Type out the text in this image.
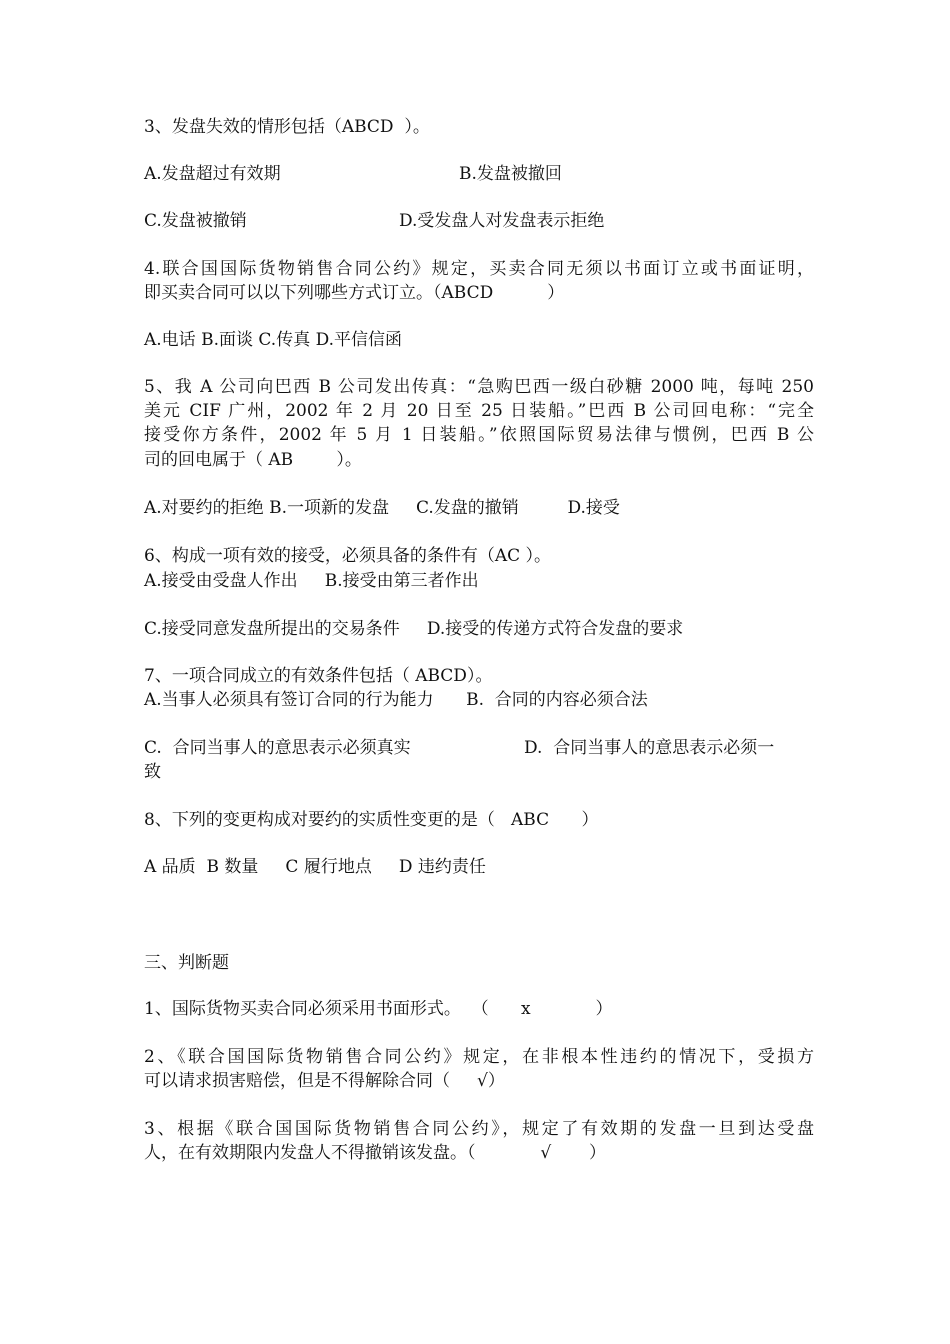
3、发盘失效的情形包括（ABCD  ）。
A.发盘超过有效期	B.发盘被撤回
C.发盘被撤销	D.受发盘人对发盘表示拒绝
4.联合国国际货物销售合同公约》规定，买卖合同无须以书面订立或书面证明，
即买卖合同可以以下列哪些方式订立。（ABCD          ）
A.电话 B.面谈 C.传真 D.平信信函
5、我 A 公司向巴西 B 公司发出传真：“急购巴西一级白砂糖 2000 吨，每吨 250
美元 CIF 广州，2002 年 2 月 20 日至 25 日装船。”巴西 B 公司回电称：“完全
接受你方条件，2002 年 5 月 1 日装船。”依照国际贸易法律与惯例，巴西 B 公
司的回电属于（ AB        ）。
A.对要约的拒绝 B.一项新的发盘     C.发盘的撤销         D.接受
6、构成一项有效的接受，必须具备的条件有（AC ）。
A.接受由受盘人作出     B.接受由第三者作出
C.接受同意发盘所提出的交易条件     D.接受的传递方式符合发盘的要求
7、一项合同成立的有效条件包括（ ABCD）。
A.当事人必须具有签订合同的行为能力      B.  合同的内容必须合法
C.  合同当事人的意思表示必须真实	D.  合同当事人的意思表示必须一
致
8、下列的变更构成对要约的实质性变更的是（   ABC      ）
A 品质  B 数量     C 履行地点     D 违约责任
三、判断题
1、国际货物买卖合同必须采用书面形式。  （      x            ）
2、《联合国国际货物销售合同公约》规定，在非根本性违约的情况下，受损方
可以请求损害赔偿，但是不得解除合同（     √）
3、根据《联合国国际货物销售合同公约》，规定了有效期的发盘一旦到达受盘
人，在有效期限内发盘人不得撤销该发盘。（            √       ）
